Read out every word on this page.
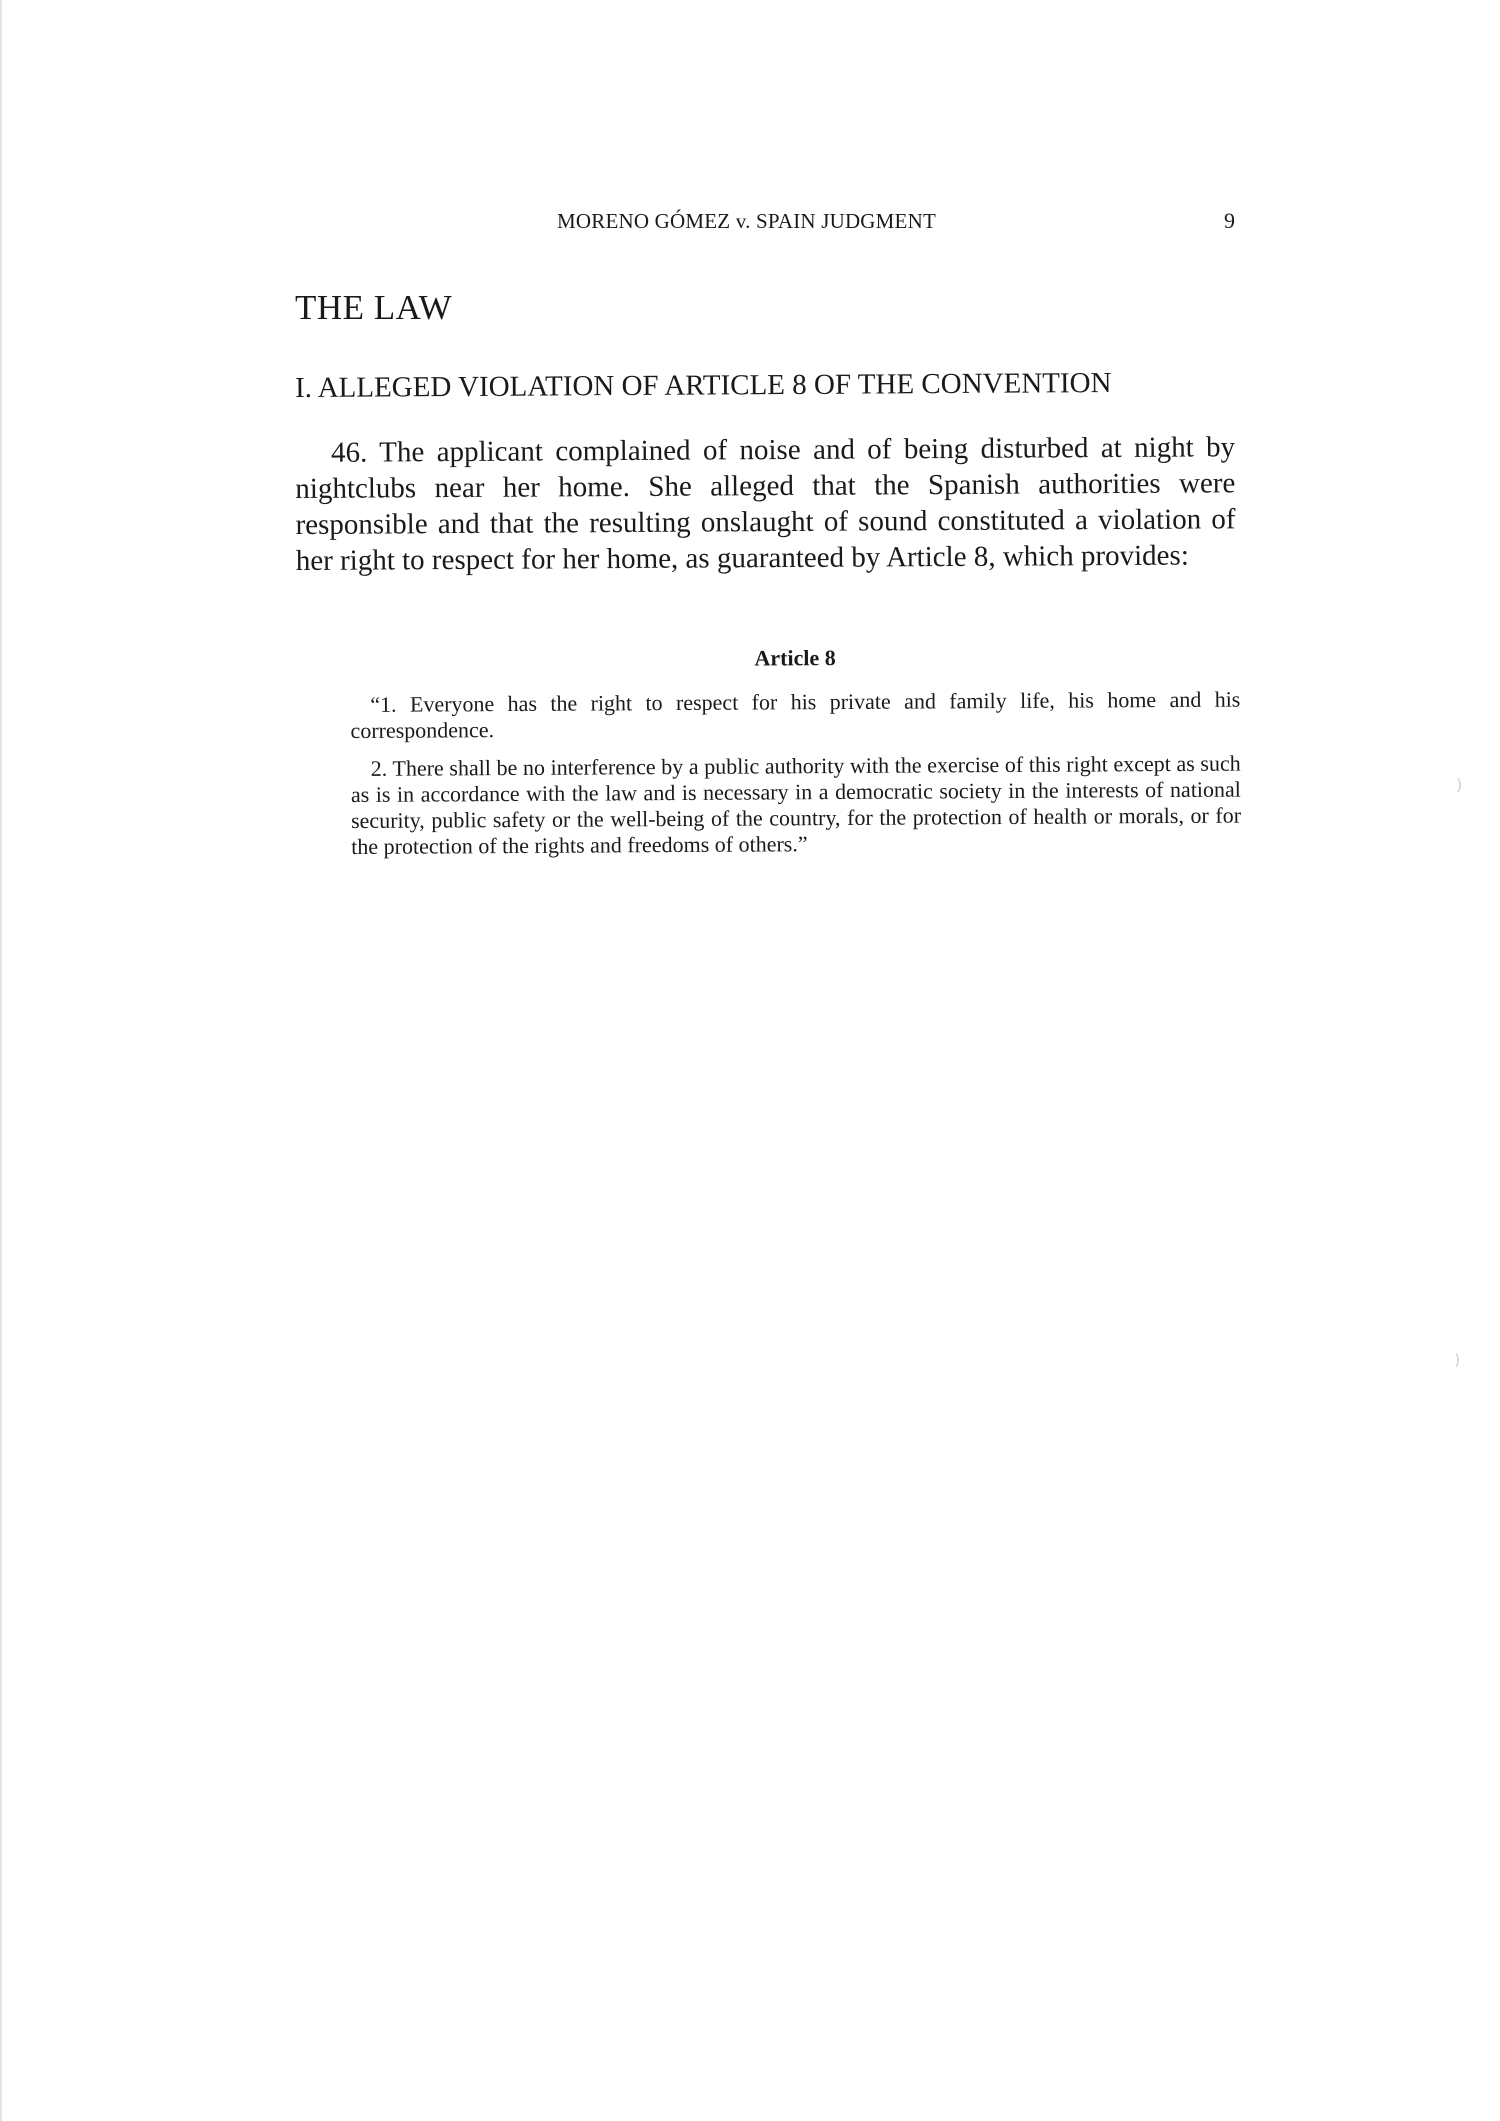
MORENO GÓMEZ v. SPAIN JUDGMENT	9
THE LAW
I. ALLEGED VIOLATION OF ARTICLE 8 OF THE CONVENTION

46. The applicant complained of noise and of being disturbed at night by nightclubs near her home. She alleged that the Spanish authorities were responsible and that the resulting onslaught of sound constituted a violation of her right to respect for her home, as guaranteed by Article 8, which provides:

Article 8

“1. Everyone has the right to respect for his private and family life, his home and his correspondence.

2. There shall be no interference by a public authority with the exercise of this right except as such as is in accordance with the law and is necessary in a democratic society in the interests of national security, public safety or the well-being of the country, for the protection of health or morals, or for the protection of the rights and freedoms of others.”

)
)
